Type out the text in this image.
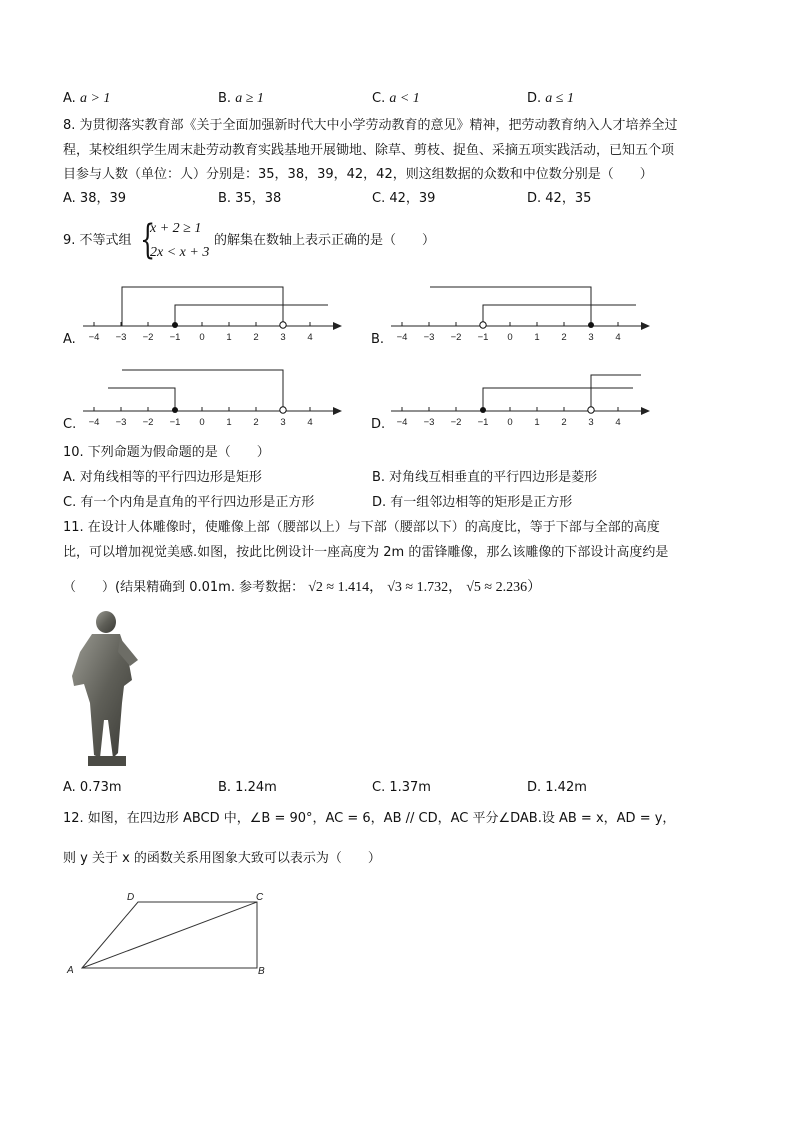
A. a > 1	B. a ≥ 1	C. a < 1	D. a ≤ 1
8. 为贯彻落实教育部《关于全面加强新时代大中小学劳动教育的意见》精神，把劳动教育纳入人才培养全过
程，某校组织学生周末赴劳动教育实践基地开展锄地、除草、剪枝、捉鱼、采摘五项实践活动，已知五个项
目参与人数（单位：人）分别是：35，38，39，42，42，则这组数据的众数和中位数分别是（　　）
A. 38，39	B. 35，38	C. 42，39	D. 42，35
9. 不等式组 {
x + 2 ≥ 1
2x < x + 3
的解集在数轴上表示正确的是（　　）
A.	B.
C.	D.
−4 −3 −2 −1 0 1 2 3 4	−4 −3 −2 −1 0 1 2 3 4
−4 −3 −2 −1 0 1 2 3 4	−4 −3 −2 −1 0 1 2 3 4
10. 下列命题为假命题的是（　　）
A. 对角线相等的平行四边形是矩形	B. 对角线互相垂直的平行四边形是菱形
C. 有一个内角是直角的平行四边形是正方形	D. 有一组邻边相等的矩形是正方形
11. 在设计人体雕像时，使雕像上部（腰部以上）与下部（腰部以下）的高度比，等于下部与全部的高度
比，可以增加视觉美感.如图，按此比例设计一座高度为 2m 的雷锋雕像，那么该雕像的下部设计高度约是
（　　）(结果精确到 0.01m. 参考数据： √2 ≈ 1.414， √3 ≈ 1.732， √5 ≈ 2.236）
A. 0.73m	B. 1.24m	C. 1.37m	D. 1.42m
12. 如图，在四边形 ABCD 中，∠B = 90°，AC = 6，AB // CD，AC 平分∠DAB.设 AB = x，AD = y，
则 y 关于 x 的函数关系用图象大致可以表示为（　　）
A	B
C
D
